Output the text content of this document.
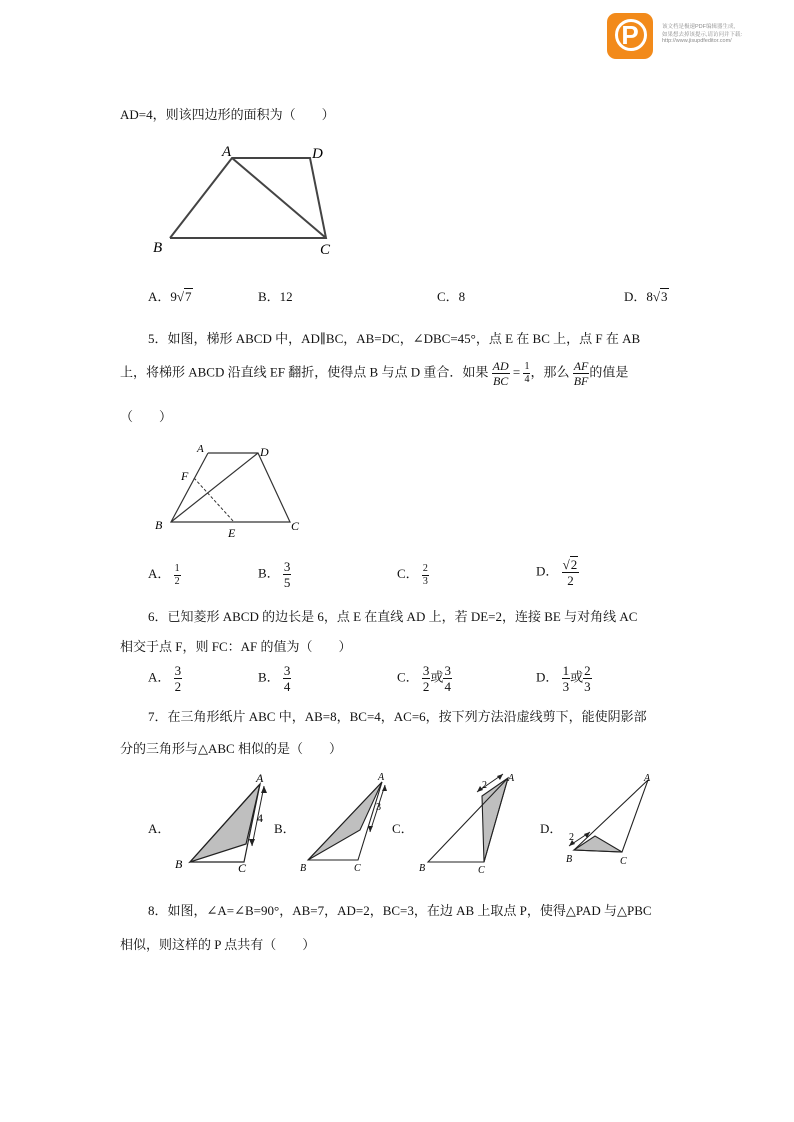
P	该文档是极速PDF编辑器生成,
如果想去掉该提示,请访问并下载:
http://www.jisupdfeditor.com/
AD=4，则该四边形的面积为（　　）
A	D
B	C
A．9√7	B．12	C．8	D．8√3
5．如图，梯形 ABCD 中，AD∥BC，AB=DC，∠DBC=45°，点 E 在 BC 上，点 F 在 AB
上，将梯形 ABCD 沿直线 EF 翻折，使得点 B 与点 D 重合．如果 $\frac{AD}{BC} = \frac{1}{4}$ ，那么 $\frac{AF}{BF}$ 的值是
（　　）
A	D
F
B
E	C
A． $\frac{1}{2}$	B． $\frac{3}{5}$	C． $\frac{2}{3}$	D． $\frac{√2}{2}$
6．已知菱形 ABCD 的边长是 6，点 E 在直线 AD 上，若 DE=2，连接 BE 与对角线 AC
相交于点 F，则 FC：AF 的值为（　　）
A． $\frac{3}{2}$	B． $\frac{3}{4}$	C． $\frac{3}{2}$ 或 $\frac{3}{4}$	D． $\frac{1}{3}$ 或 $\frac{2}{3}$
7．在三角形纸片 ABC 中，AB=8，BC=4，AC=6，按下列方法沿虚线剪下，能使阴影部
分的三角形与△ABC 相似的是（　　）
A．
A
B	C
4
B．
A
B	C
3
C．
A
B	C
2
D．
A
B	C
2
8．如图，∠A=∠B=90°，AB=7，AD=2，BC=3，在边 AB 上取点 P，使得△PAD 与△PBC
相似，则这样的 P 点共有（　　）
